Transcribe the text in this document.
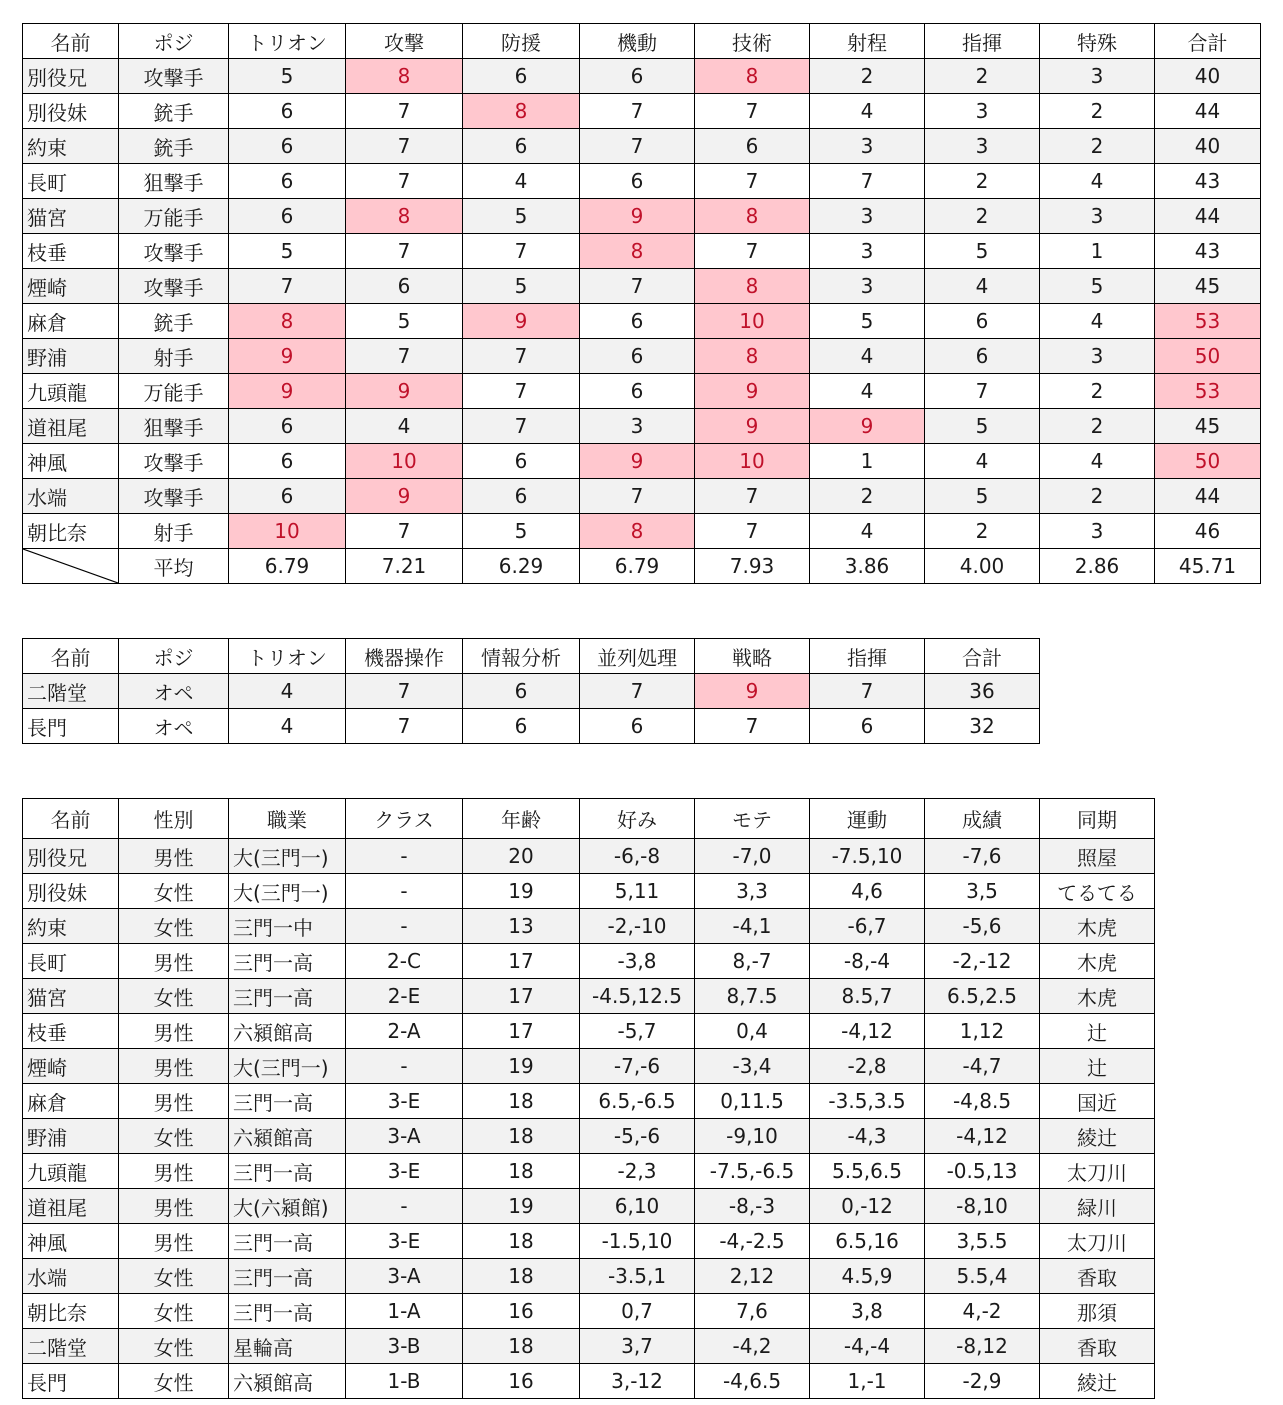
名前	ポジ	トリオン	攻撃	防援	機動	技術	射程	指揮	特殊	合計
別役兄	攻撃手	5	8	6	6	8	2	2	3	40
別役妹	銃手	6	7	8	7	7	4	3	2	44
約束	銃手	6	7	6	7	6	3	3	2	40
長町	狙撃手	6	7	4	6	7	7	2	4	43
猫宮	万能手	6	8	5	9	8	3	2	3	44
枝垂	攻撃手	5	7	7	8	7	3	5	1	43
煙崎	攻撃手	7	6	5	7	8	3	4	5	45
麻倉	銃手	8	5	9	6	10	5	6	4	53
野浦	射手	9	7	7	6	8	4	6	3	50
九頭龍	万能手	9	9	7	6	9	4	7	2	53
道祖尾	狙撃手	6	4	7	3	9	9	5	2	45
神風	攻撃手	6	10	6	9	10	1	4	4	50
水端	攻撃手	6	9	6	7	7	2	5	2	44
朝比奈	射手	10	7	5	8	7	4	2	3	46

	平均	6.79	7.21	6.29	6.79	7.93	3.86	4.00	2.86	45.71
名前	ポジ	トリオン	機器操作	情報分析	並列処理	戦略	指揮	合計
二階堂	オペ	4	7	6	7	9	7	36
長門	オペ	4	7	6	6	7	6	32
名前	性別	職業	クラス	年齢	好み	モテ	運動	成績	同期
別役兄	男性	大(三門一)	-	20	-6,-8	-7,0	-7.5,10	-7,6	照屋
別役妹	女性	大(三門一)	-	19	5,11	3,3	4,6	3,5	てるてる
約束	女性	三門一中	-	13	-2,-10	-4,1	-6,7	-5,6	木虎
長町	男性	三門一高	2-C	17	-3,8	8,-7	-8,-4	-2,-12	木虎
猫宮	女性	三門一高	2-E	17	-4.5,12.5	8,7.5	8.5,7	6.5,2.5	木虎
枝垂	男性	六潁館高	2-A	17	-5,7	0,4	-4,12	1,12	辻
煙崎	男性	大(三門一)	-	19	-7,-6	-3,4	-2,8	-4,7	辻
麻倉	男性	三門一高	3-E	18	6.5,-6.5	0,11.5	-3.5,3.5	-4,8.5	国近
野浦	女性	六潁館高	3-A	18	-5,-6	-9,10	-4,3	-4,12	綾辻
九頭龍	男性	三門一高	3-E	18	-2,3	-7.5,-6.5	5.5,6.5	-0.5,13	太刀川
道祖尾	男性	大(六潁館)	-	19	6,10	-8,-3	0,-12	-8,10	緑川
神風	男性	三門一高	3-E	18	-1.5,10	-4,-2.5	6.5,16	3,5.5	太刀川
水端	女性	三門一高	3-A	18	-3.5,1	2,12	4.5,9	5.5,4	香取
朝比奈	女性	三門一高	1-A	16	0,7	7,6	3,8	4,-2	那須
二階堂	女性	星輪高	3-B	18	3,7	-4,2	-4,-4	-8,12	香取
長門	女性	六潁館高	1-B	16	3,-12	-4,6.5	1,-1	-2,9	綾辻
